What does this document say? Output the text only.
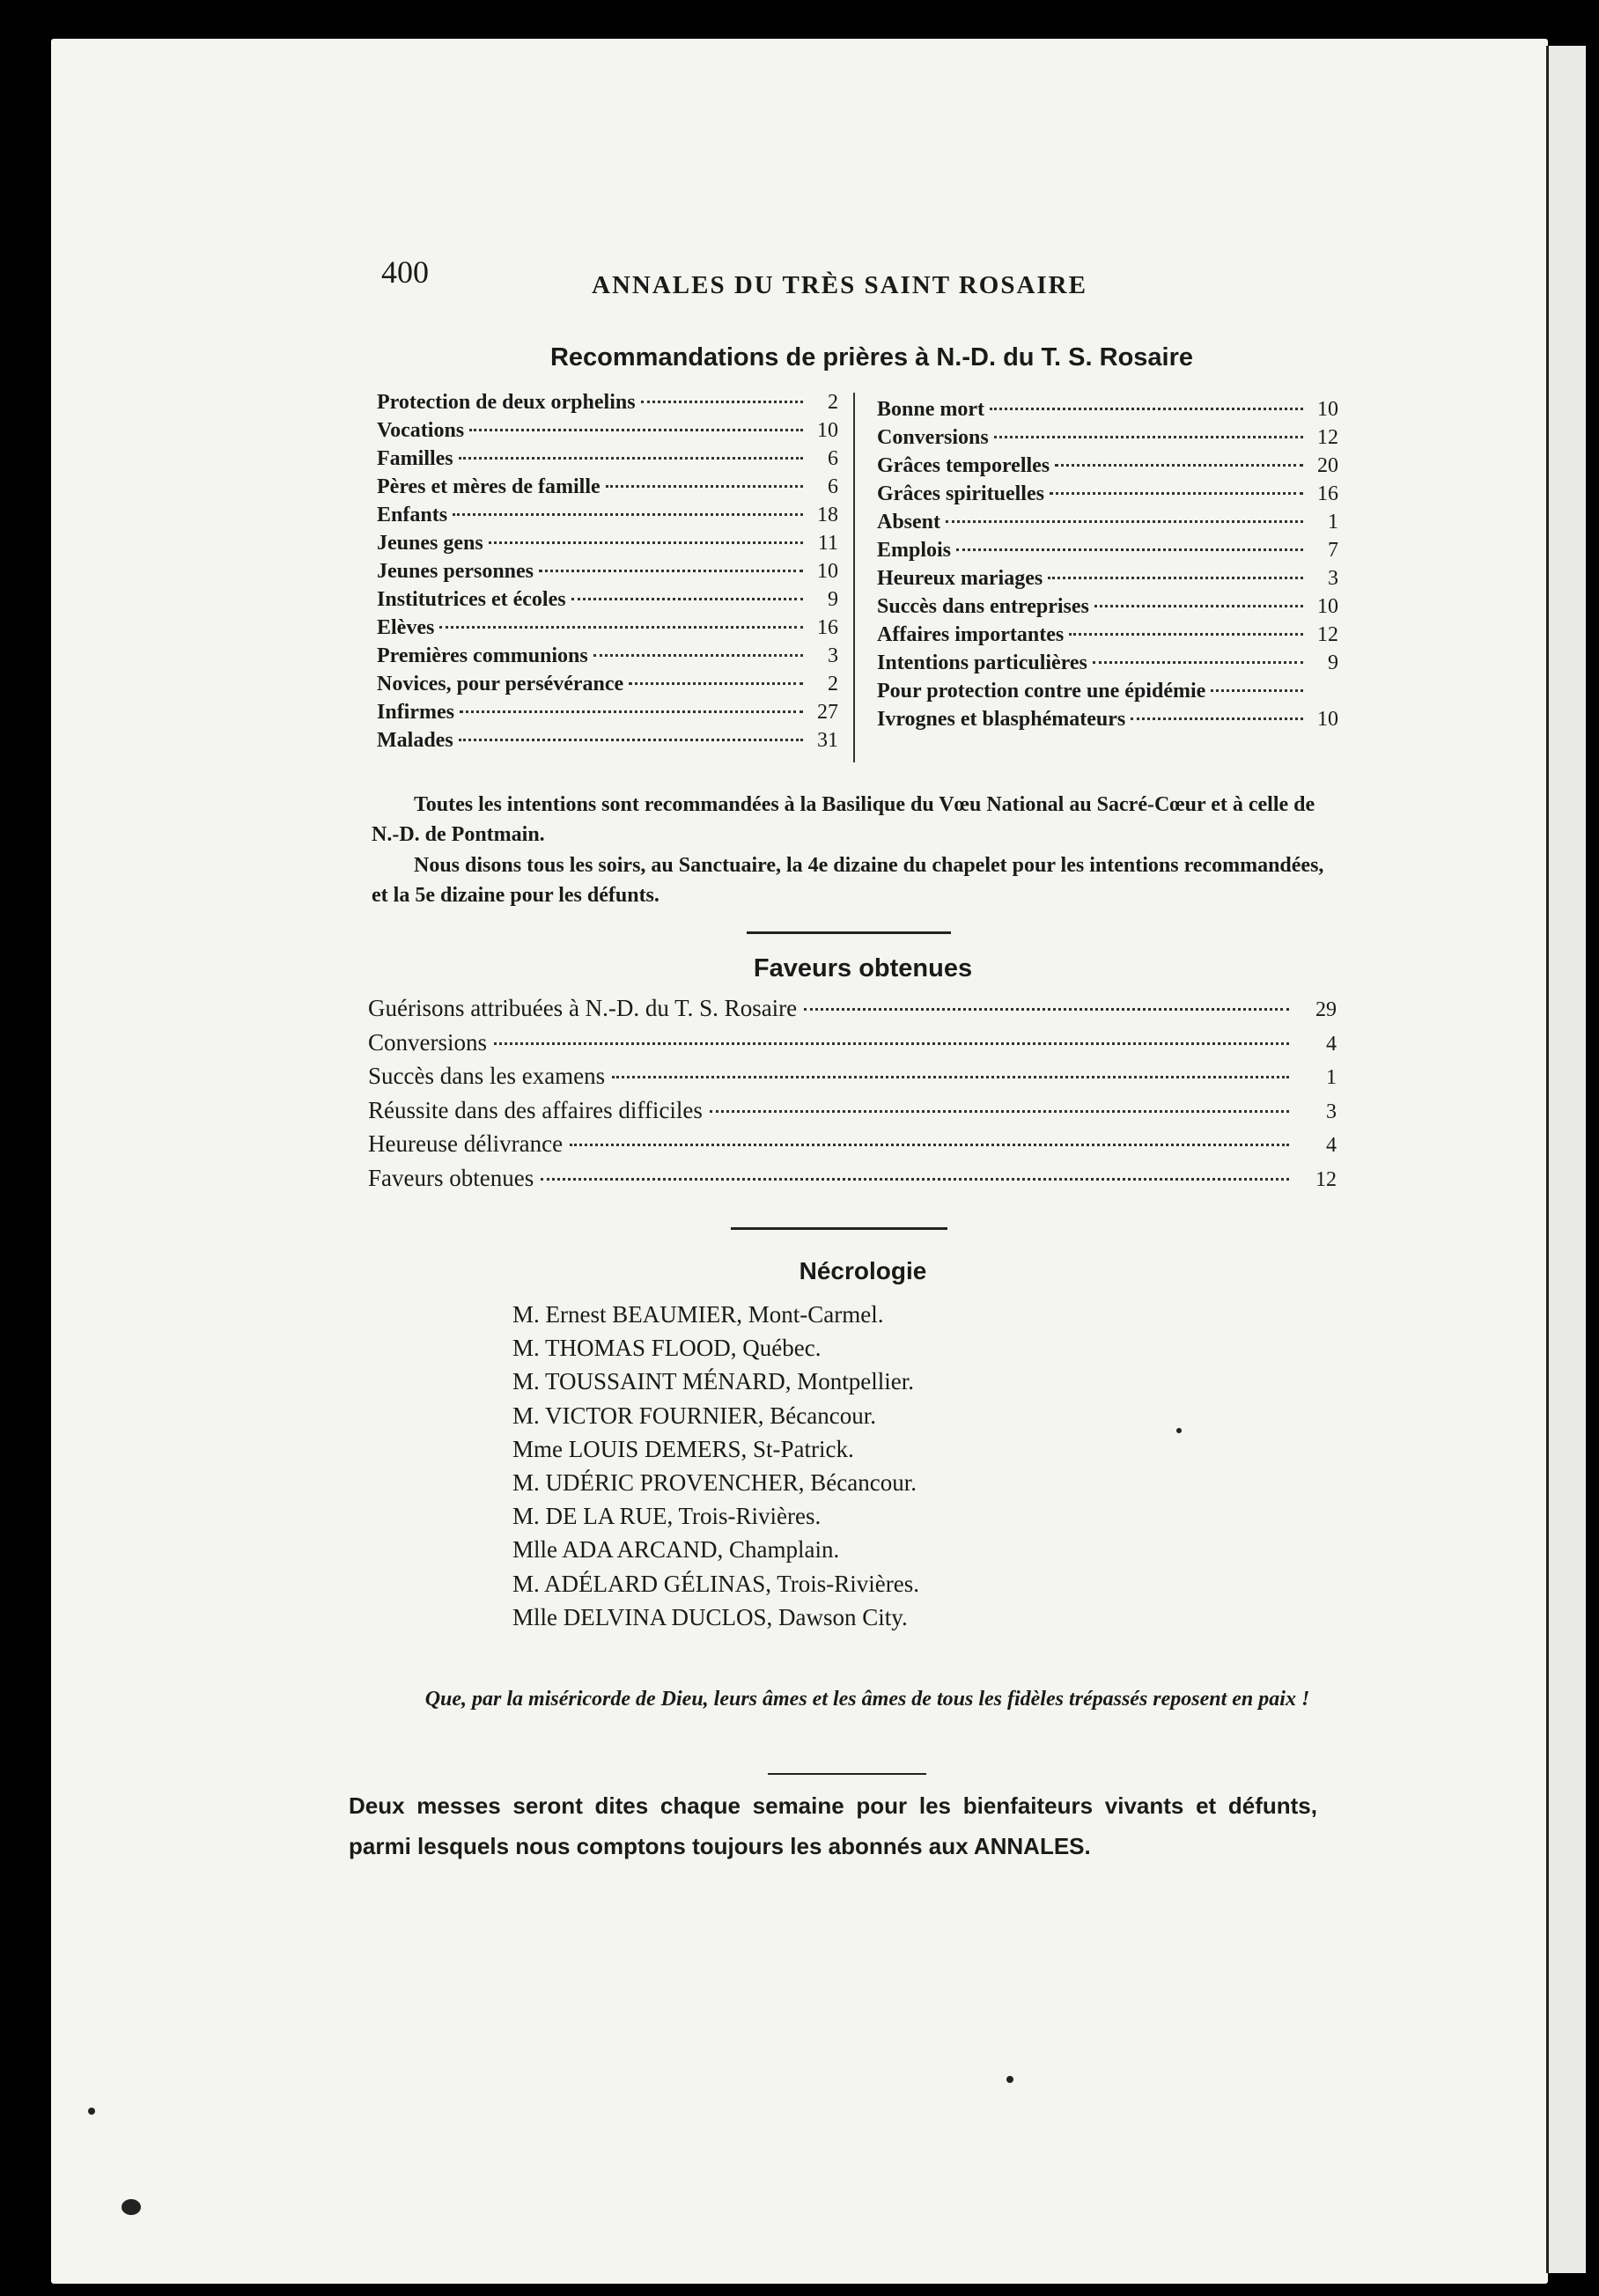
400	ANNALES DU TRÈS SAINT ROSAIRE
Recommandations de prières à N.-D. du T. S. Rosaire
Protection de deux orphelins	2
Vocations	10
Familles	6
Pères et mères de famille	6
Enfants	18
Jeunes gens	11
Jeunes personnes	10
Institutrices et écoles	9
Elèves	16
Premières communions	3
Novices, pour persévérance	2
Infirmes	27
Malades	31
Bonne mort	10
Conversions	12
Grâces temporelles	20
Grâces spirituelles	16
Absent	1
Emplois	7
Heureux mariages	3
Succès dans entreprises	10
Affaires importantes	12
Intentions particulières	9
Pour protection contre une épidémie
Ivrognes et blasphémateurs	10
Toutes les intentions sont recommandées à la Basilique du Vœu National au Sacré-Cœur et à celle de N.-D. de Pontmain.
Nous disons tous les soirs, au Sanctuaire, la 4e dizaine du chapelet pour les intentions recommandées, et la 5e dizaine pour les défunts.
Faveurs obtenues
Guérisons attribuées à N.-D. du T. S. Rosaire	29
Conversions	4
Succès dans les examens	1
Réussite dans des affaires difficiles	3
Heureuse délivrance	4
Faveurs obtenues	12
Nécrologie
M. Ernest BEAUMIER, Mont-Carmel.
M. THOMAS FLOOD, Québec.
M. TOUSSAINT MÉNARD, Montpellier.
M. VICTOR FOURNIER, Bécancour.
Mme LOUIS DEMERS, St-Patrick.
M. UDÉRIC PROVENCHER, Bécancour.
M. DE LA RUE, Trois-Rivières.
Mlle ADA ARCAND, Champlain.
M. ADÉLARD GÉLINAS, Trois-Rivières.
Mlle DELVINA DUCLOS, Dawson City.
Que, par la miséricorde de Dieu, leurs âmes et les âmes de tous les fidèles trépassés reposent en paix !
Deux messes seront dites chaque semaine pour les bienfaiteurs vivants et défunts, parmi lesquels nous comptons toujours les abonnés aux ANNALES.
